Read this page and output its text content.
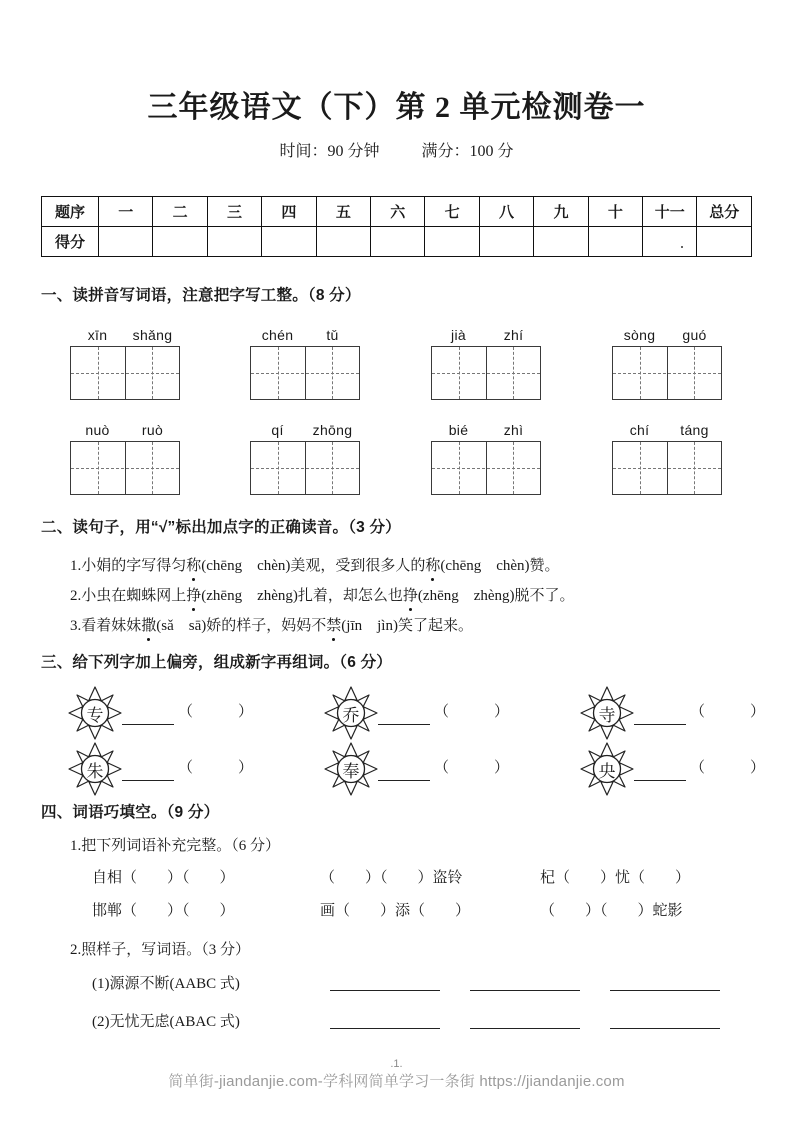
三年级语文（下）第 2 单元检测卷一
时间：90 分钟	满分：100 分
题序	一	二	三	四	五	六	七	八	九	十	十一	总分
得分												
一、读拼音写词语，注意把字写工整。（8 分）
xīn	shǎng	chén	tǔ	jià	zhí	sòng	guó
nuò	ruò	qí	zhōng	bié	zhì	chí	táng
二、读句子，用“√”标出加点字的正确读音。（3 分）
1.小娟的字写得匀称(chēng chèn)美观，受到很多人的称(chēng chèn)赞。
2.小虫在蜘蛛网上挣(zhēng zhèng)扎着，却怎么也挣(zhēng zhèng)脱不了。
3.看着妹妹撒(sǎ sā)娇的样子，妈妈不禁(jīn jìn)笑了起来。
三、给下列字加上偏旁，组成新字再组词。（6 分）
专	（   ）	乔	（   ）	寺	（   ）
朱	（   ）	奉	（   ）	央	（   ）
四、词语巧填空。（9 分）
1.把下列词语补充完整。（6 分）
自相（  ）（  ）	（  ）（  ）盗铃	杞（  ）忧（  ）
邯郸（  ）（  ）	画（  ）添（  ）	（  ）（  ）蛇影
2.照样子，写词语。（3 分）
(1)源源不断(AABC 式)
(2)无忧无虑(ABAC 式)
.1.
简单街-jiandanjie.com-学科网简单学习一条街 https://jiandanjie.com
